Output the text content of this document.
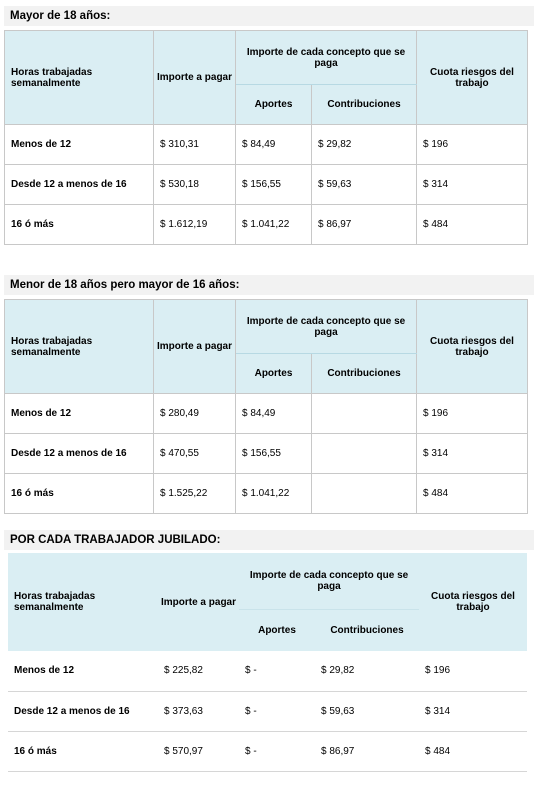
Mayor de 18 años:
Horas trabajadas semanalmente	Importe a pagar	Importe de cada concepto que se paga		Cuota riesgos del trabajo
		Aportes	Contribuciones	
Menos de 12	$ 310,31	$ 84,49	$ 29,82	$ 196
Desde 12 a menos de 16	$ 530,18	$ 156,55	$ 59,63	$ 314
16 ó más	$ 1.612,19	$ 1.041,22	$ 86,97	$ 484
Menor de 18 años pero mayor de 16 años:
Horas trabajadas semanalmente	Importe a pagar	Importe de cada concepto que se paga		Cuota riesgos del trabajo
		Aportes	Contribuciones	
Menos de 12	$ 280,49	$ 84,49		$ 196
Desde 12 a menos de 16	$ 470,55	$ 156,55		$ 314
16 ó más	$ 1.525,22	$ 1.041,22		$ 484
POR CADA TRABAJADOR JUBILADO:
Horas trabajadas semanalmente	Importe a pagar	Importe de cada concepto que se paga		Cuota riesgos del trabajo
		Aportes	Contribuciones	
Menos de 12	$ 225,82	$ -	$ 29,82	$ 196
Desde 12 a menos de 16	$ 373,63	$ -	$ 59,63	$ 314
16 ó más	$ 570,97	$ -	$ 86,97	$ 484
